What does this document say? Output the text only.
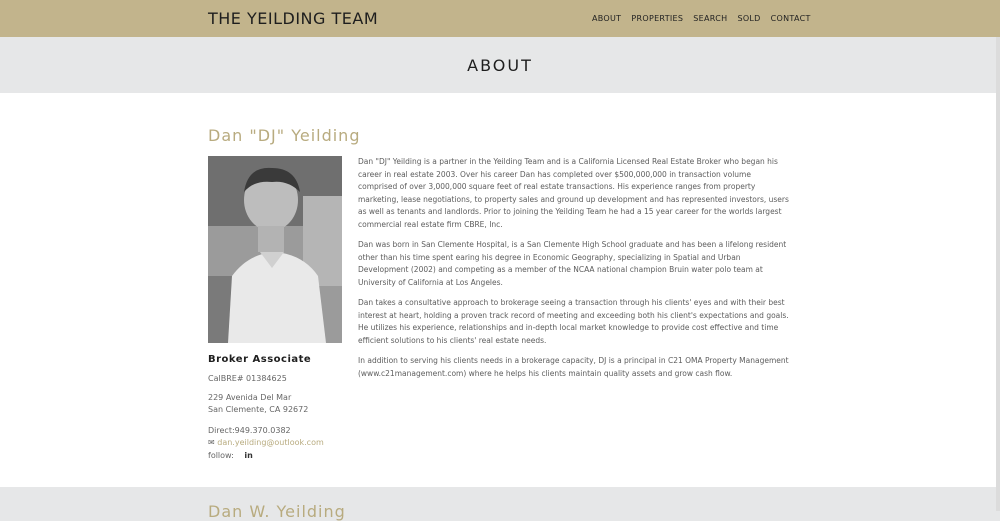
THE YEILDING TEAM	ABOUT PROPERTIES SEARCH SOLD CONTACT
ABOUT
Dan "DJ" Yeilding
Broker Associate
CalBRE# 01384625
229 Avenida Del Mar
San Clemente, CA 92672
Direct:949.370.0382
✉ dan.yeilding@outlook.com
follow: in

Dan "DJ" Yeilding is a partner in the Yeilding Team and is a California Licensed Real Estate Broker who began his career in real estate 2003. Over his career Dan has completed over $500,000,000 in transaction volume comprised of over 3,000,000 square feet of real estate transactions. His experience ranges from property marketing, lease negotiations, to property sales and ground up development and has represented investors, users as well as tenants and landlords. Prior to joining the Yeilding Team he had a 15 year career for the worlds largest commercial real estate firm CBRE, Inc.

Dan was born in San Clemente Hospital, is a San Clemente High School graduate and has been a lifelong resident other than his time spent earing his degree in Economic Geography, specializing in Spatial and Urban Development (2002) and competing as a member of the NCAA national champion Bruin water polo team at University of California at Los Angeles.

Dan takes a consultative approach to brokerage seeing a transaction through his clients' eyes and with their best interest at heart, holding a proven track record of meeting and exceeding both his client's expectations and goals. He utilizes his experience, relationships and in-depth local market knowledge to provide cost effective and time efficient solutions to his clients' real estate needs.

In addition to serving his clients needs in a brokerage capacity, DJ is a principal in C21 OMA Property Management (www.c21management.com) where he helps his clients maintain quality assets and grow cash flow.

Dan W. Yeilding
